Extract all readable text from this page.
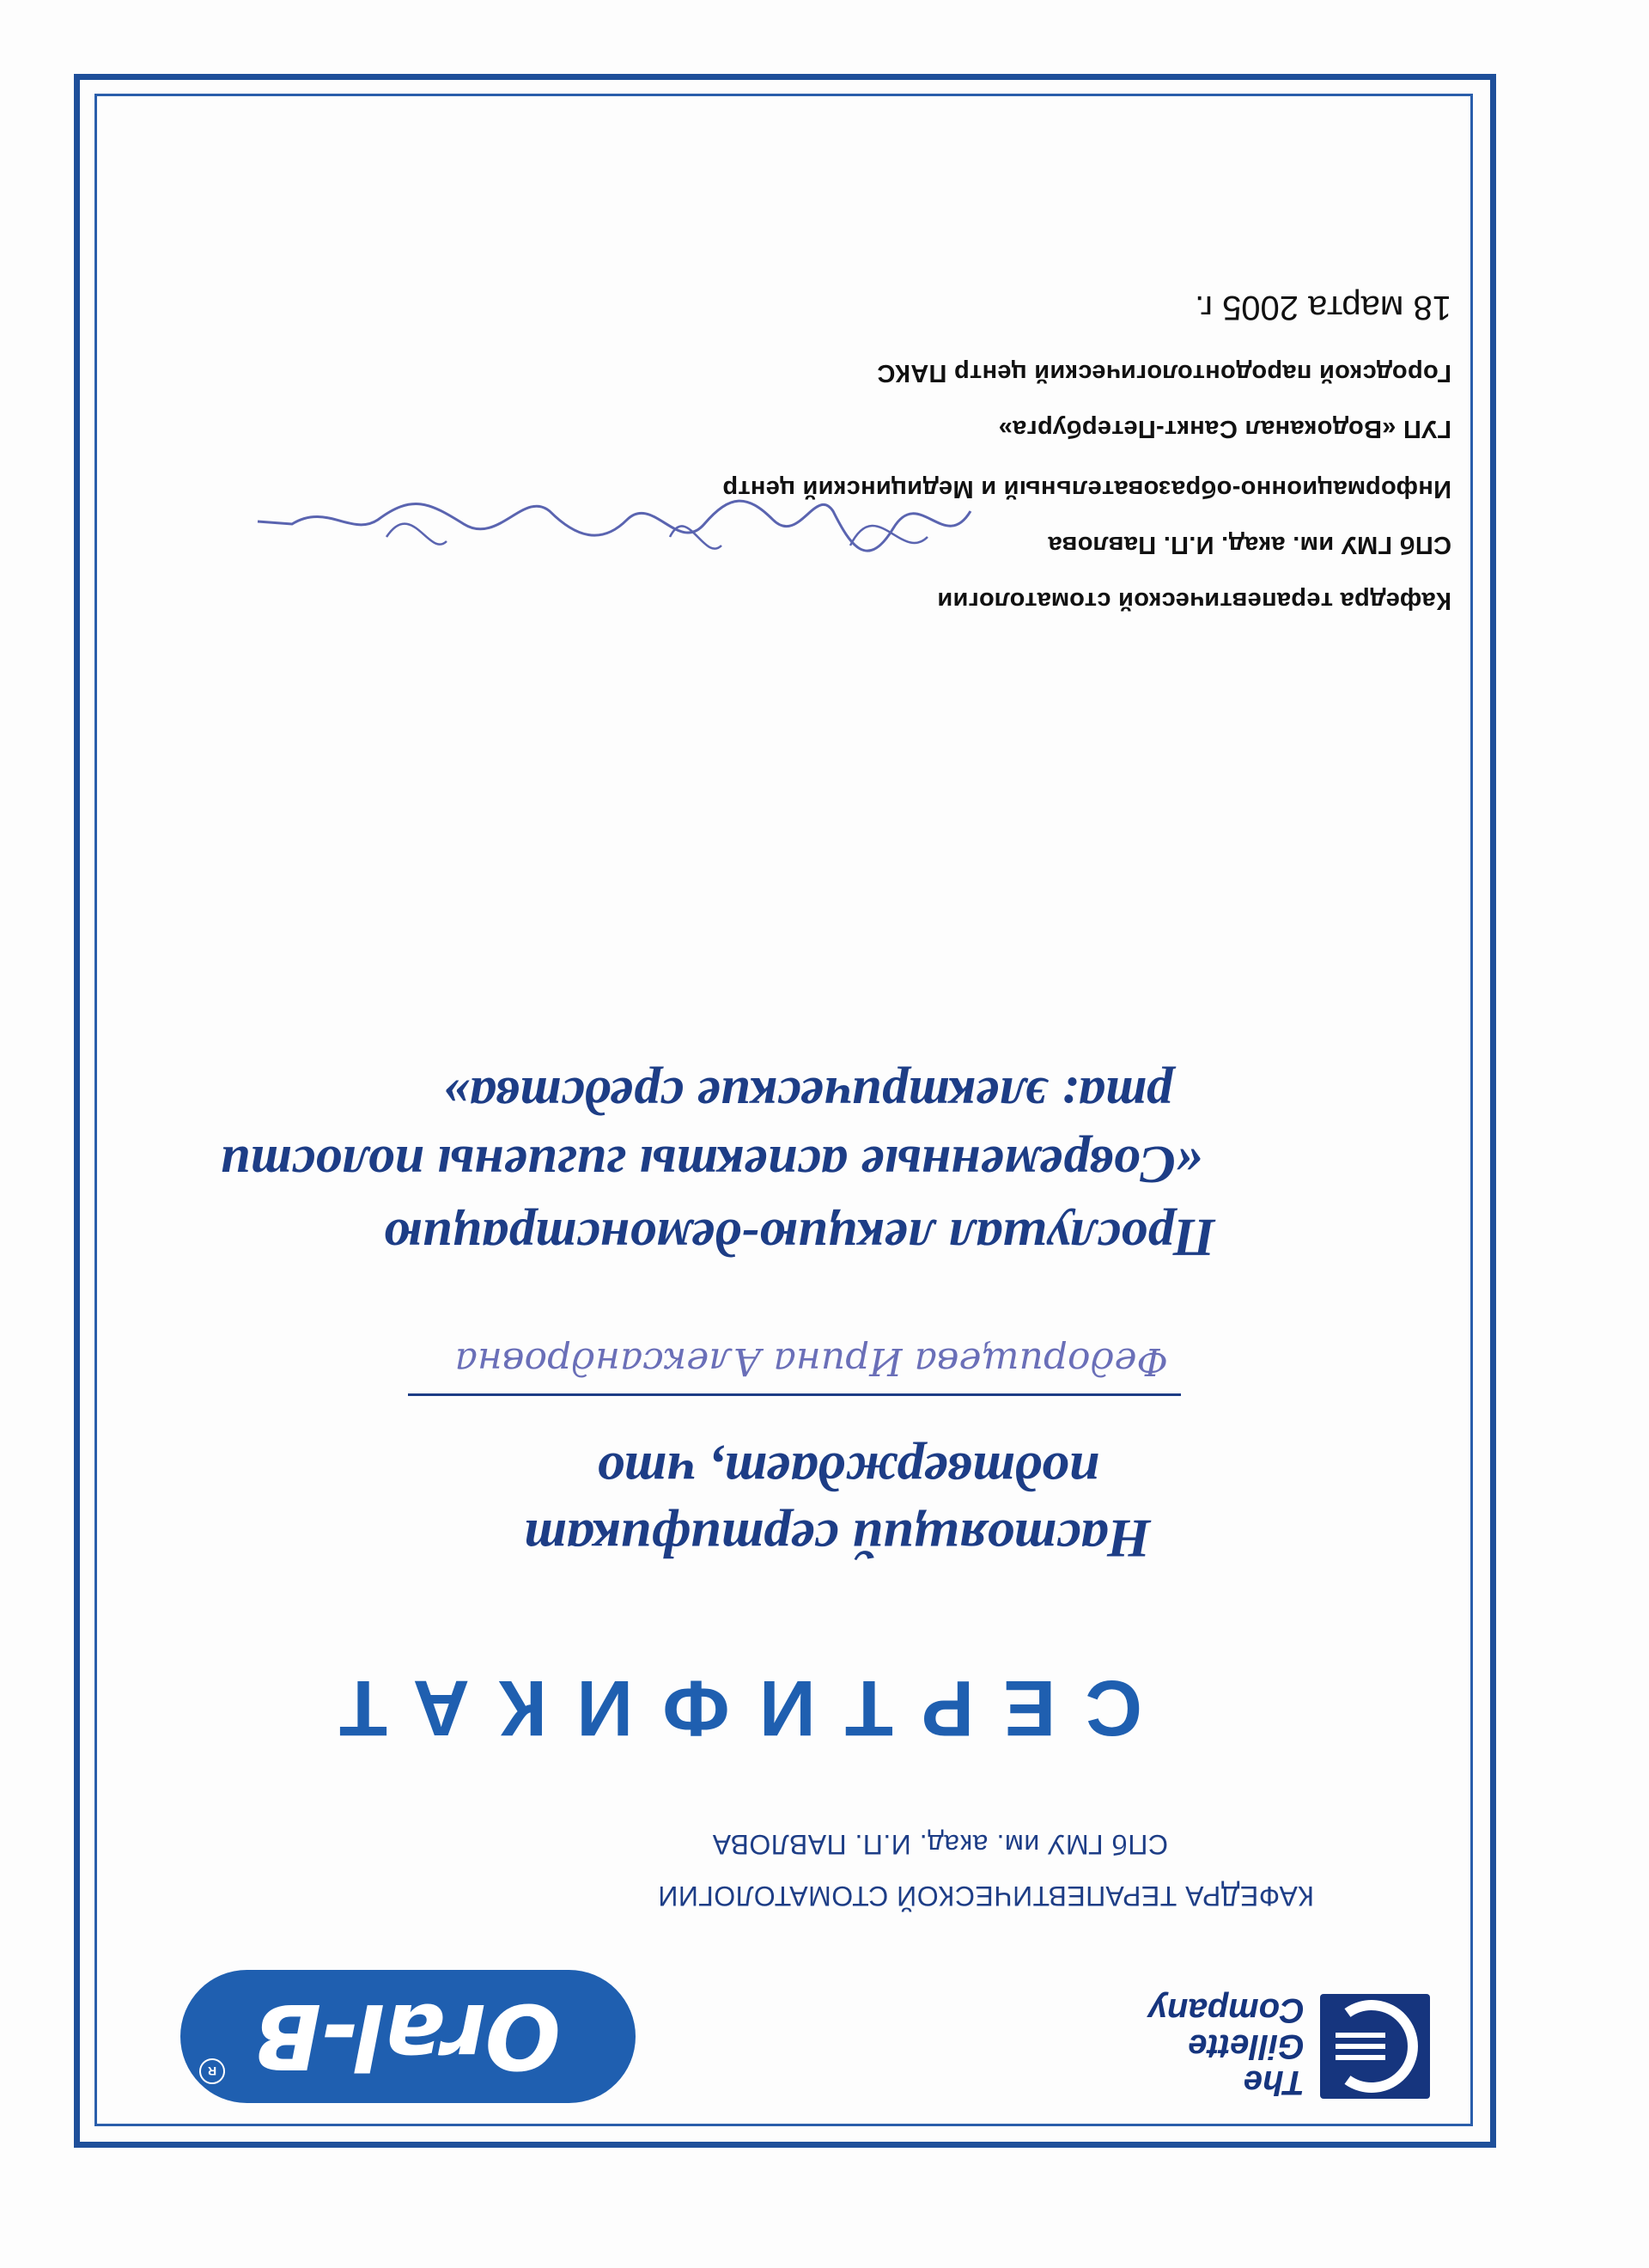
The
Gillette
Company
Oral-B
R
КАФЕДРА ТЕРАПЕВТИЧЕСКОЙ СТОМАТОЛОГИИ
СПб ГМУ им. акад. И.П. ПАВЛОВА
СЕРТИФИКАТ
Настоящий сертификат
подтверждает, что
Федорищева Ирина Александровна
Прослушал лекцию-демонстрацию
«Современные аспекты гигиены полости
рта: электрические средства»
Кафедра терапевтической стоматологии
СПб ГМУ им. акад. И.П. Павлова
Информационно-образовательный и Медицинский центр
ГУП «Водоканал Санкт-Петербурга»
Городской пародонтологический центр ПАКС
18 марта 2005 г.
